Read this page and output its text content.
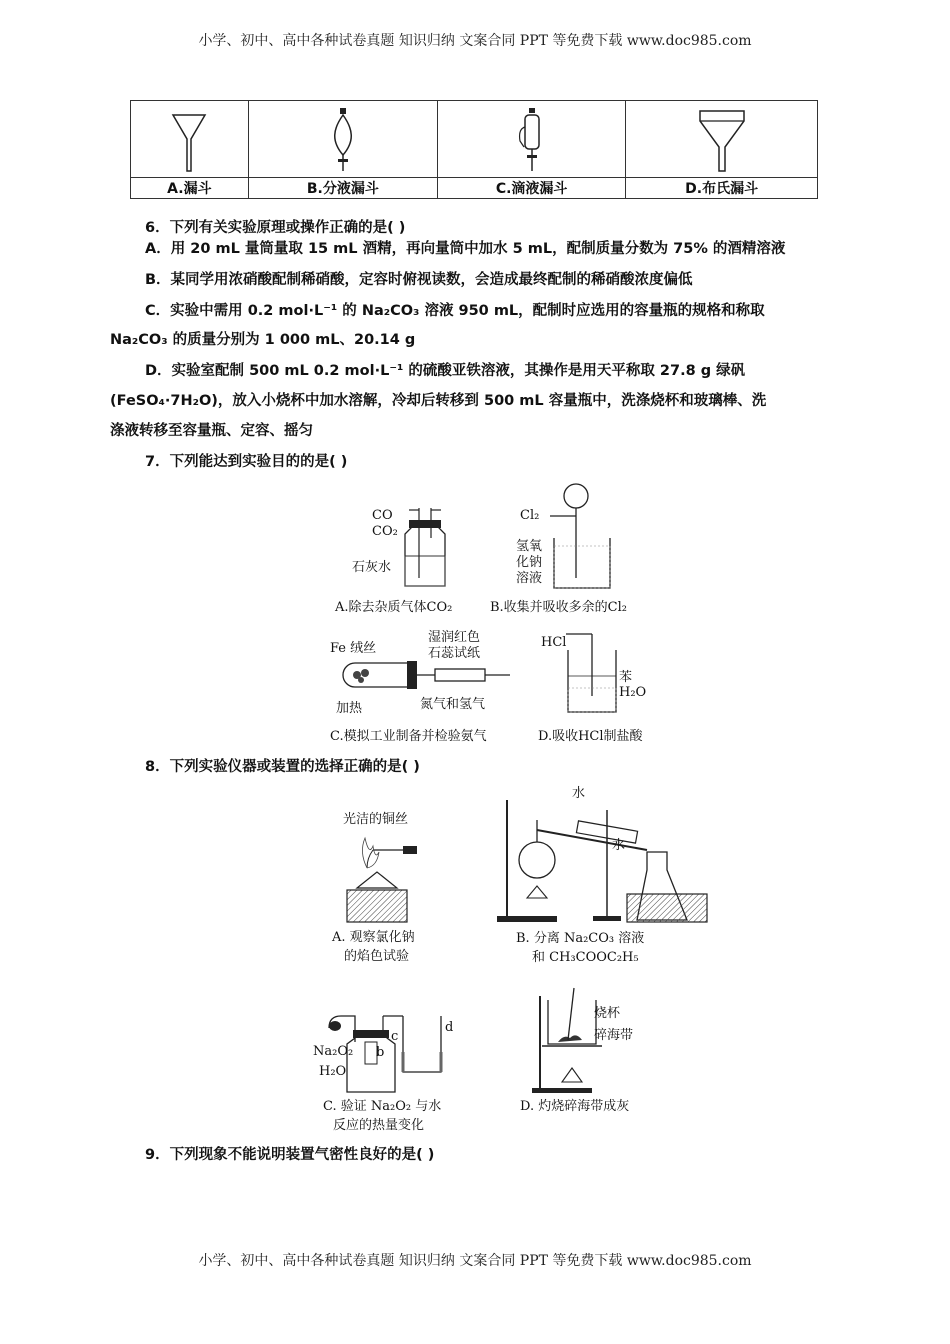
小学、初中、高中各种试卷真题 知识归纳 文案合同 PPT 等免费下载 www.doc985.com

A.漏斗	B.分液漏斗	C.滴液漏斗	D.布氏漏斗
6．下列有关实验原理或操作正确的是( )
A．用 20 mL 量筒量取 15 mL 酒精，再向量筒中加水 5 mL，配制质量分数为 75% 的酒精溶液
B．某同学用浓硝酸配制稀硝酸，定容时俯视读数，会造成最终配制的稀硝酸浓度偏低
C．实验中需用 0.2 mol·L⁻¹ 的 Na₂CO₃ 溶液 950 mL，配制时应选用的容量瓶的规格和称取
Na₂CO₃ 的质量分别为 1 000 mL、20.14 g
D．实验室配制 500 mL 0.2 mol·L⁻¹ 的硫酸亚铁溶液，其操作是用天平称取 27.8 g 绿矾
(FeSO₄·7H₂O)，放入小烧杯中加水溶解，冷却后转移到 500 mL 容量瓶中，洗涤烧杯和玻璃棒、洗
涤液转移至容量瓶、定容、摇匀
7．下列能达到实验目的的是( )
CO
CO₂
石灰水
A.除去杂质气体CO₂
Cl₂
氢氧
化钠
溶液
B.收集并吸收多余的Cl₂
Fe 绒丝
湿润红色
石蕊试纸
加热	氮气和氢气
C.模拟工业制备并检验氨气
HCl
苯
H₂O
D.吸收HCl制盐酸
8．下列实验仪器或装置的选择正确的是( )
光洁的铜丝
A. 观察氯化钠
的焰色试验
水
水
B. 分离 Na₂CO₃ 溶液
和 CH₃COOC₂H₅
Na₂O₂
H₂O
b
c
d
C. 验证 Na₂O₂ 与水
反应的热量变化
烧杯
碎海带
D. 灼烧碎海带成灰
9．下列现象不能说明装置气密性良好的是( )
小学、初中、高中各种试卷真题 知识归纳 文案合同 PPT 等免费下载 www.doc985.com
